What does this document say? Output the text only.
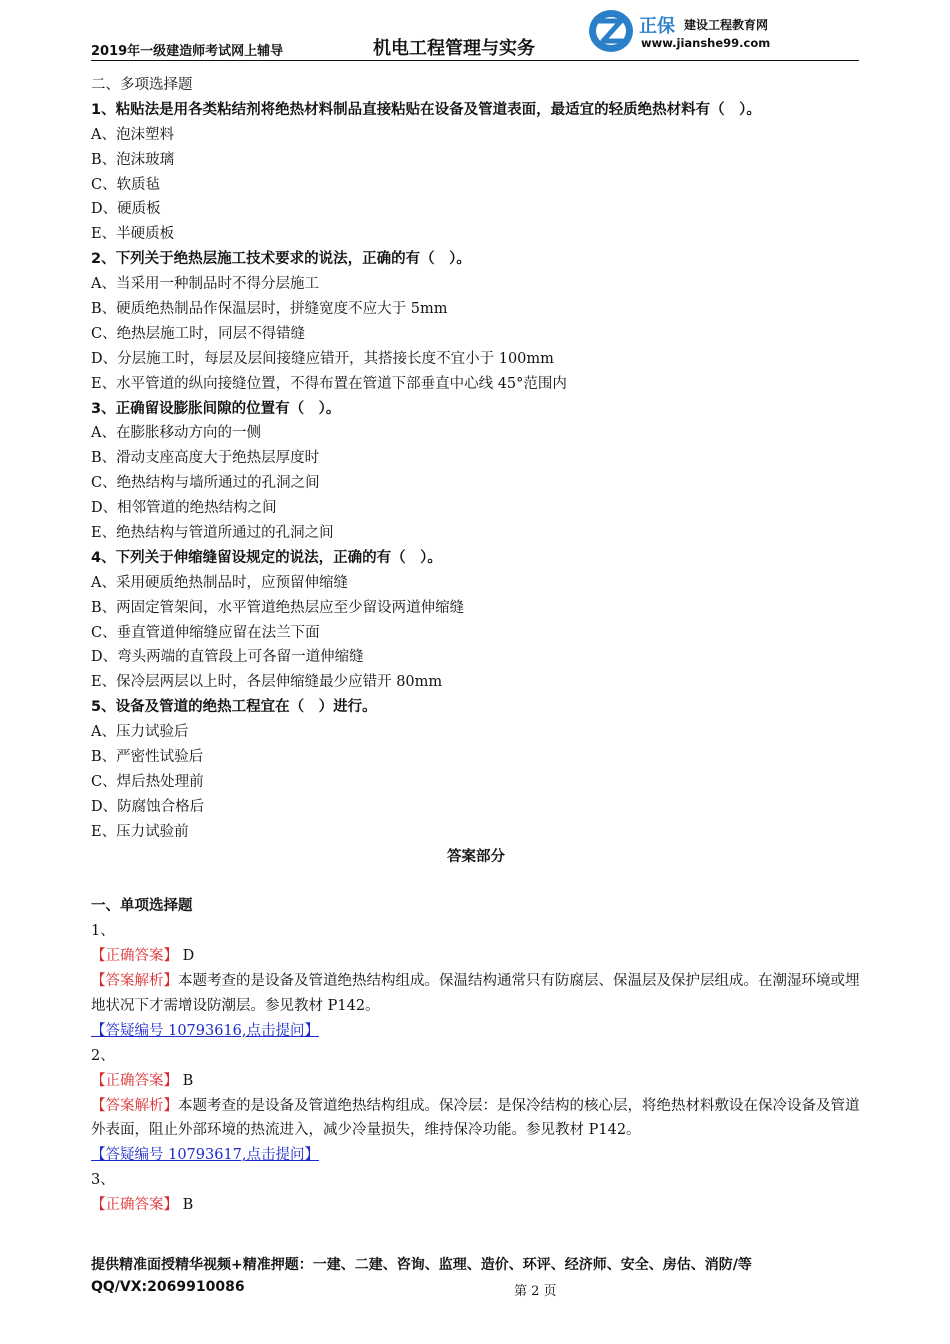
2019年一级建造师考试网上辅导	机电工程管理与实务
正保 建设工程教育网
www.jianshe99.com
二、多项选择题
1、粘贴法是用各类粘结剂将绝热材料制品直接粘贴在设备及管道表面，最适宜的轻质绝热材料有（　）。
A、泡沫塑料
B、泡沫玻璃
C、软质毡
D、硬质板
E、半硬质板
2、下列关于绝热层施工技术要求的说法，正确的有（　）。
A、当采用一种制品时不得分层施工
B、硬质绝热制品作保温层时，拼缝宽度不应大于 5mm
C、绝热层施工时，同层不得错缝
D、分层施工时，每层及层间接缝应错开，其搭接长度不宜小于 100mm
E、水平管道的纵向接缝位置，不得布置在管道下部垂直中心线 45°范围内
3、正确留设膨胀间隙的位置有（　）。
A、在膨胀移动方向的一侧
B、滑动支座高度大于绝热层厚度时
C、绝热结构与墙所通过的孔洞之间
D、相邻管道的绝热结构之间
E、绝热结构与管道所通过的孔洞之间
4、下列关于伸缩缝留设规定的说法，正确的有（　）。
A、采用硬质绝热制品时，应预留伸缩缝
B、两固定管架间，水平管道绝热层应至少留设两道伸缩缝
C、垂直管道伸缩缝应留在法兰下面
D、弯头两端的直管段上可各留一道伸缩缝
E、保冷层两层以上时，各层伸缩缝最少应错开 80mm
5、设备及管道的绝热工程宜在（　）进行。
A、压力试验后
B、严密性试验后
C、焊后热处理前
D、防腐蚀合格后
E、压力试验前
答案部分
一、单项选择题
1、
【正确答案】 D
【答案解析】本题考查的是设备及管道绝热结构组成。保温结构通常只有防腐层、保温层及保护层组成。在潮湿环境或埋地状况下才需增设防潮层。参见教材 P142。
【答疑编号 10793616,点击提问】
2、
【正确答案】 B
【答案解析】本题考查的是设备及管道绝热结构组成。保冷层：是保冷结构的核心层，将绝热材料敷设在保冷设备及管道外表面，阻止外部环境的热流进入，减少冷量损失，维持保冷功能。参见教材 P142。
【答疑编号 10793617,点击提问】
3、
【正确答案】 B
提供精准面授精华视频+精准押题：一建、二建、咨询、监理、造价、环评、经济师、安全、房估、消防/等
QQ/VX:2069910086	第 2 页
